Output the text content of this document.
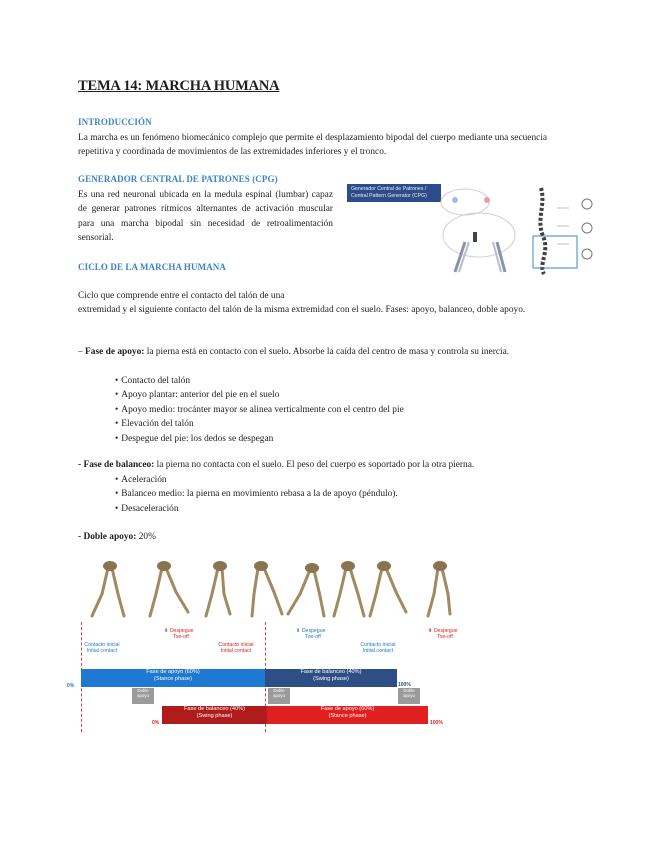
TEMA 14: MARCHA HUMANA
INTRODUCCIÓN
La marcha es un fenómeno biomecánico complejo que permite el desplazamiento bipodal del cuerpo mediante una secuencia repetitiva y coordinada de movimientos de las extremidades inferiores y el tronco.
GENERADOR CENTRAL DE PATRONES (CPG)
Es una red neuronal ubicada en la medula espinal (lumbar) capaz de generar patrones rítmicos alternantes de activación muscular para una marcha bipodal sin necesidad de retroalimentación sensorial.
Generador Central de Patrones / Central Pattern Generator (CPG)
CICLO DE LA MARCHA HUMANA
Ciclo que comprende entre el contacto del talón de una
extremidad y el siguiente contacto del talón de la misma extremidad con el suelo. Fases: apoyo, balanceo, doble apoyo.
– Fase de apoyo: la pierna está en contacto con el suelo. Absorbe la caída del centro de masa y controla su inercia.
• Contacto del talón
• Apoyo plantar: anterior del pie en el suelo
• Apoyo medio: trocánter mayor se alinea verticalmente con el centro del pie
• Elevación del talón
• Despegue del pie: los dedos se despegan
- Fase de balanceo: la pierna no contacta con el suelo. El peso del cuerpo es soportado por la otra pierna.
• Aceleración
• Balanceo medio: la pierna en movimiento rebasa a la de apoyo (péndulo).
• Desaceleración
- Doble apoyo: 20%
Contacto inicial
Initial contact
⬆ Despegue
Toe-off
Contacto inicial
Initial contact
⬆ Despegue
Toe-off
Contacto inicial
Initial contact
⬆ Despegue
Toe-off
0%
Fase de apoyo (60%)
(Stance phase)
Fase de balanceo (40%)
(Swing phase)
Doble
apoyo
Doble
apoyo
Doble
apoyo
100%
0%
Fase de balanceo (40%)
(Swing phase)
Fase de apoyo (60%)
(Stance phase)
100%
